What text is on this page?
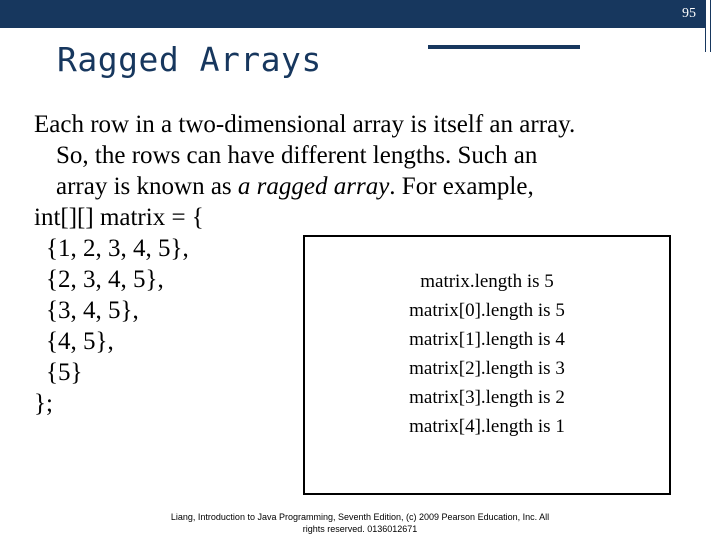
95
Ragged Arrays
Each row in a two-dimensional array is itself an array.
So, the rows can have different lengths. Such an
array is known as a ragged array. For example,
int[][] matrix = {
{1, 2, 3, 4, 5},
{2, 3, 4, 5},
{3, 4, 5},
{4, 5},
{5}
};
matrix.length is 5
matrix[0].length is 5
matrix[1].length is 4
matrix[2].length is 3
matrix[3].length is 2
matrix[4].length is 1
Liang, Introduction to Java Programming, Seventh Edition, (c) 2009 Pearson Education, Inc. All
rights reserved. 0136012671
